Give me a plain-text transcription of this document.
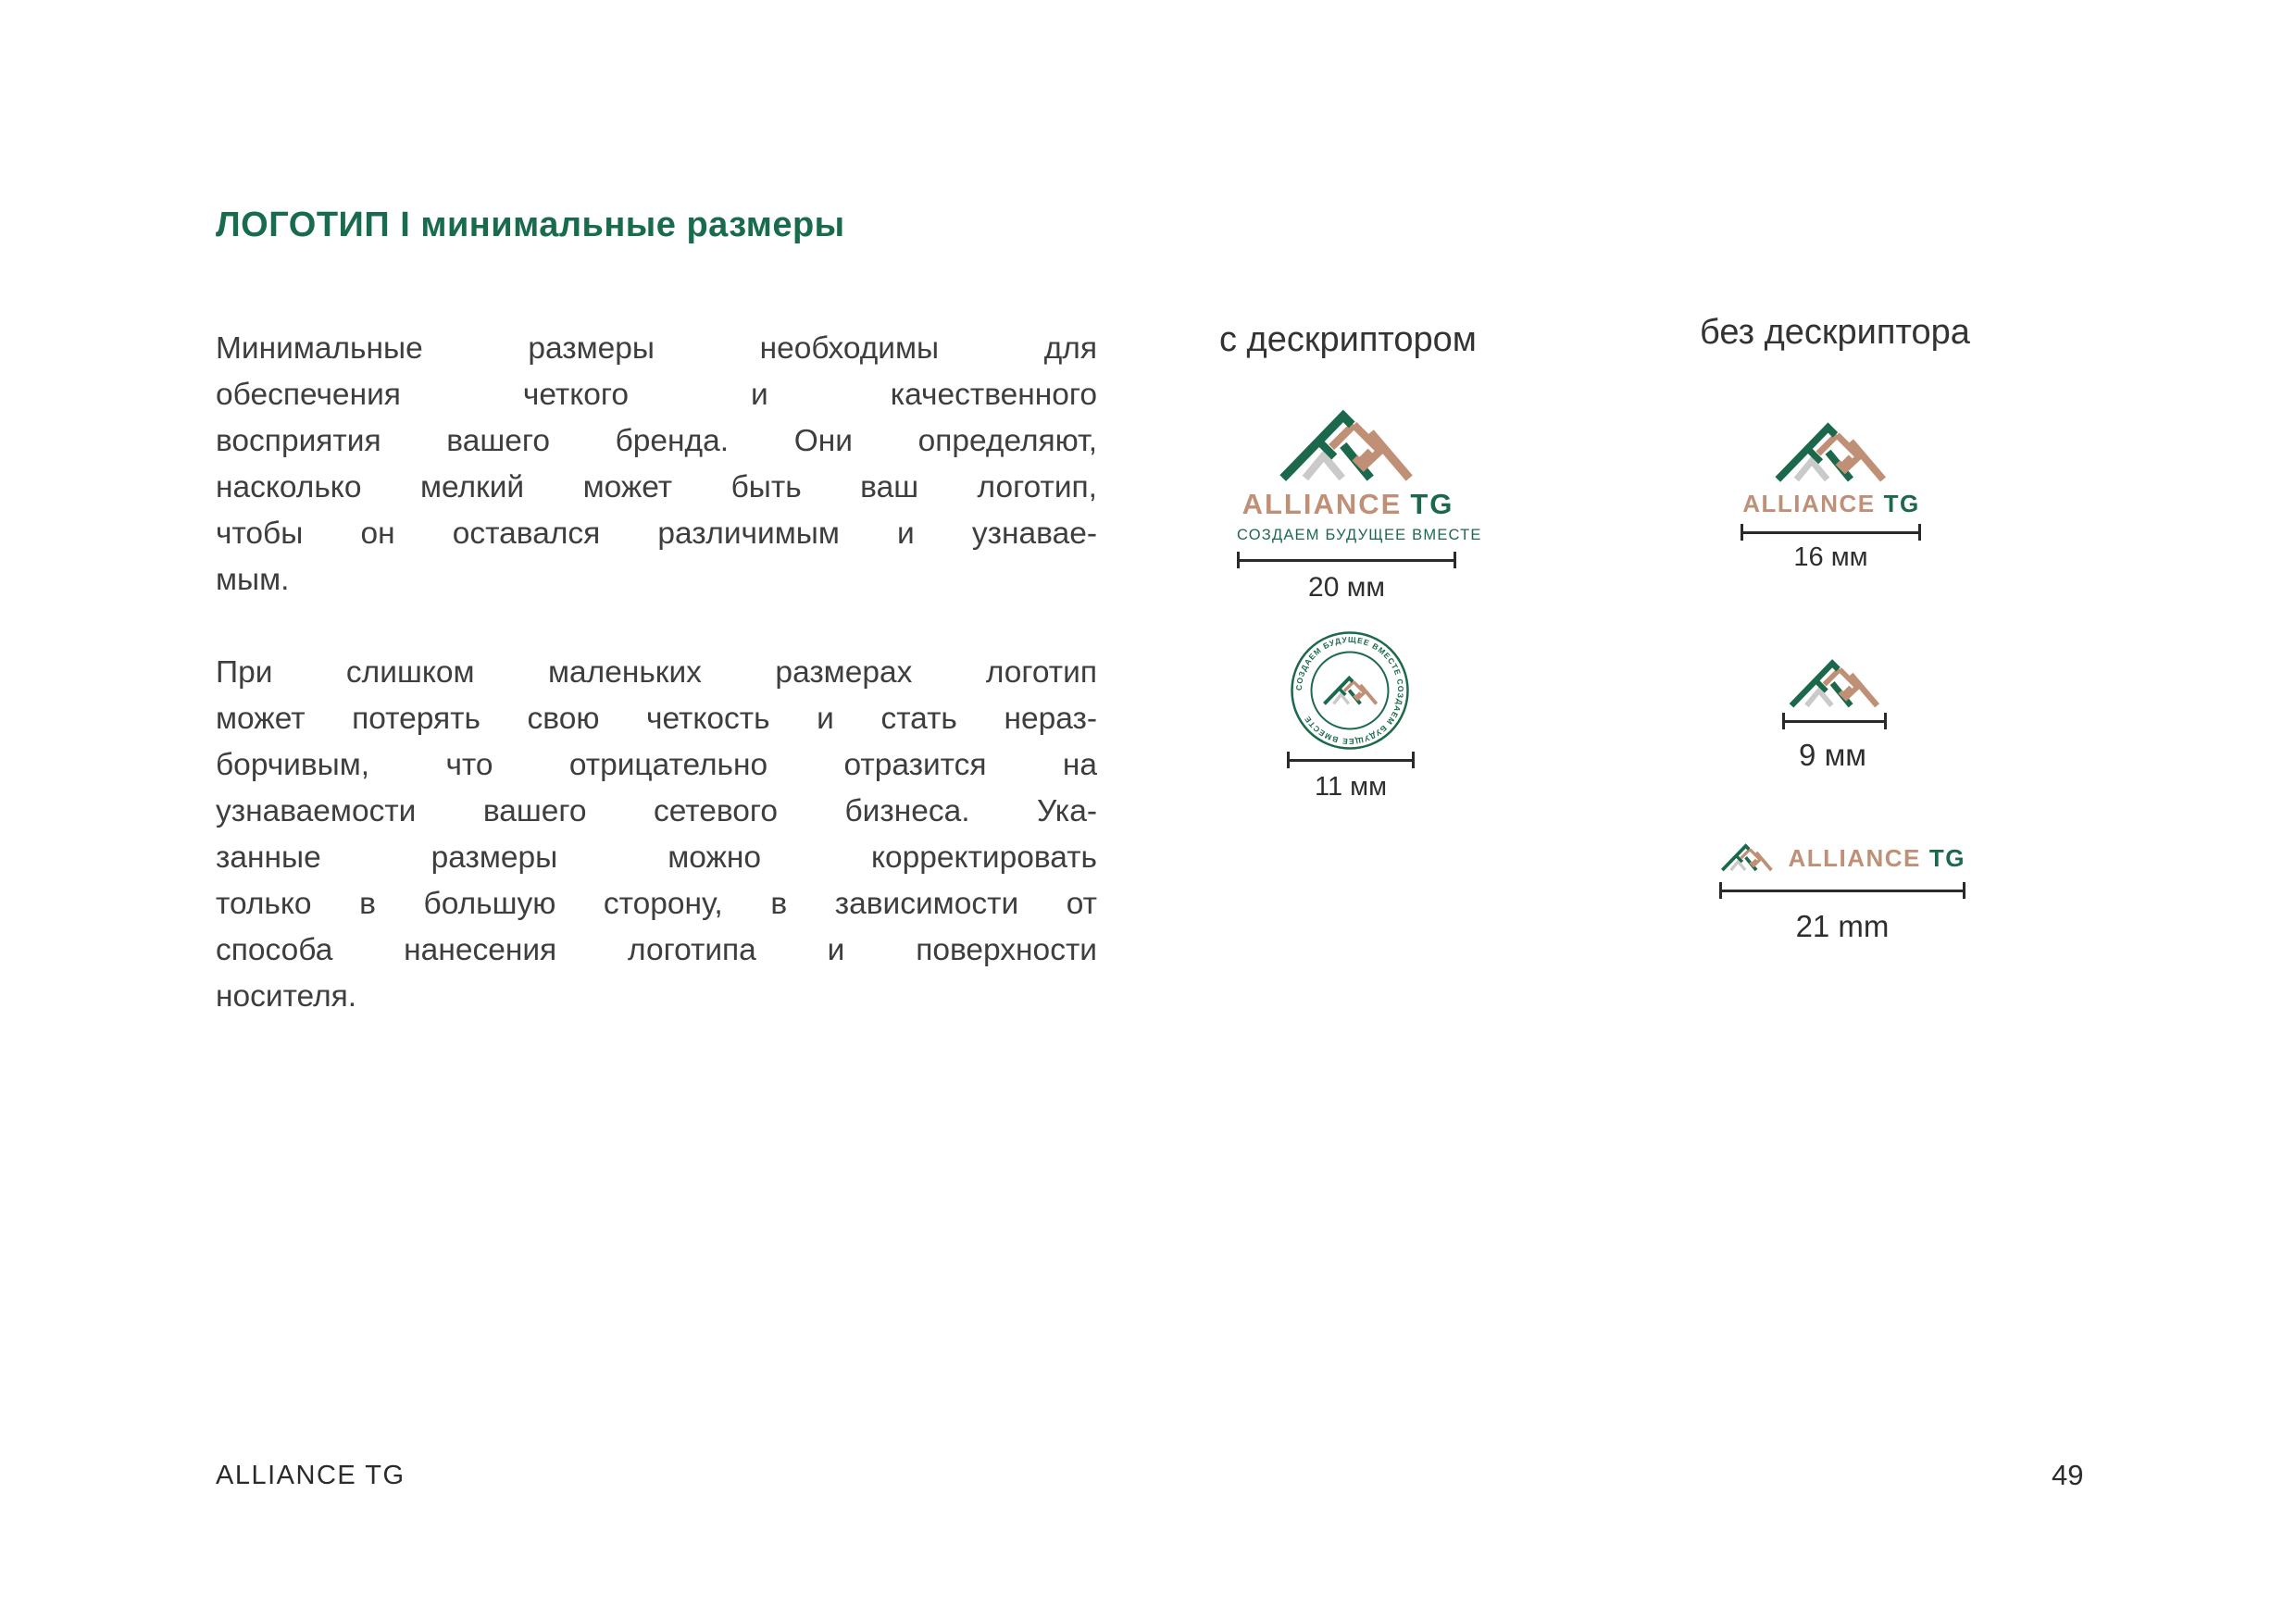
ЛОГОТИП I минимальные размеры
Минимальные размеры необходимы для
обеспечения четкого и качественного
восприятия вашего бренда. Они определяют,
насколько мелкий может быть ваш логотип,
чтобы он оставался различимым и узнавае-
мым.
При слишком маленьких размерах логотип
может потерять свою четкость и стать нераз-
борчивым, что отрицательно отразится на
узнаваемости вашего сетевого бизнеса. Ука-
занные размеры можно корректировать
только в большую сторону, в зависимости от
способа нанесения логотипа и поверхности
носителя.
с дескриптором	без дескриптора
ALLIANCE TG
СОЗДАЕМ БУДУЩЕЕ ВМЕСТЕ
20 мм
СОЗДАЕМ БУДУЩЕЕ ВМЕСТЕ СОЗДАЕМ БУДУЩЕЕ ВМЕСТЕ
11 мм
ALLIANCE TG
16 мм
9 мм
ALLIANCE TG
21 mm
ALLIANCE TG	49
